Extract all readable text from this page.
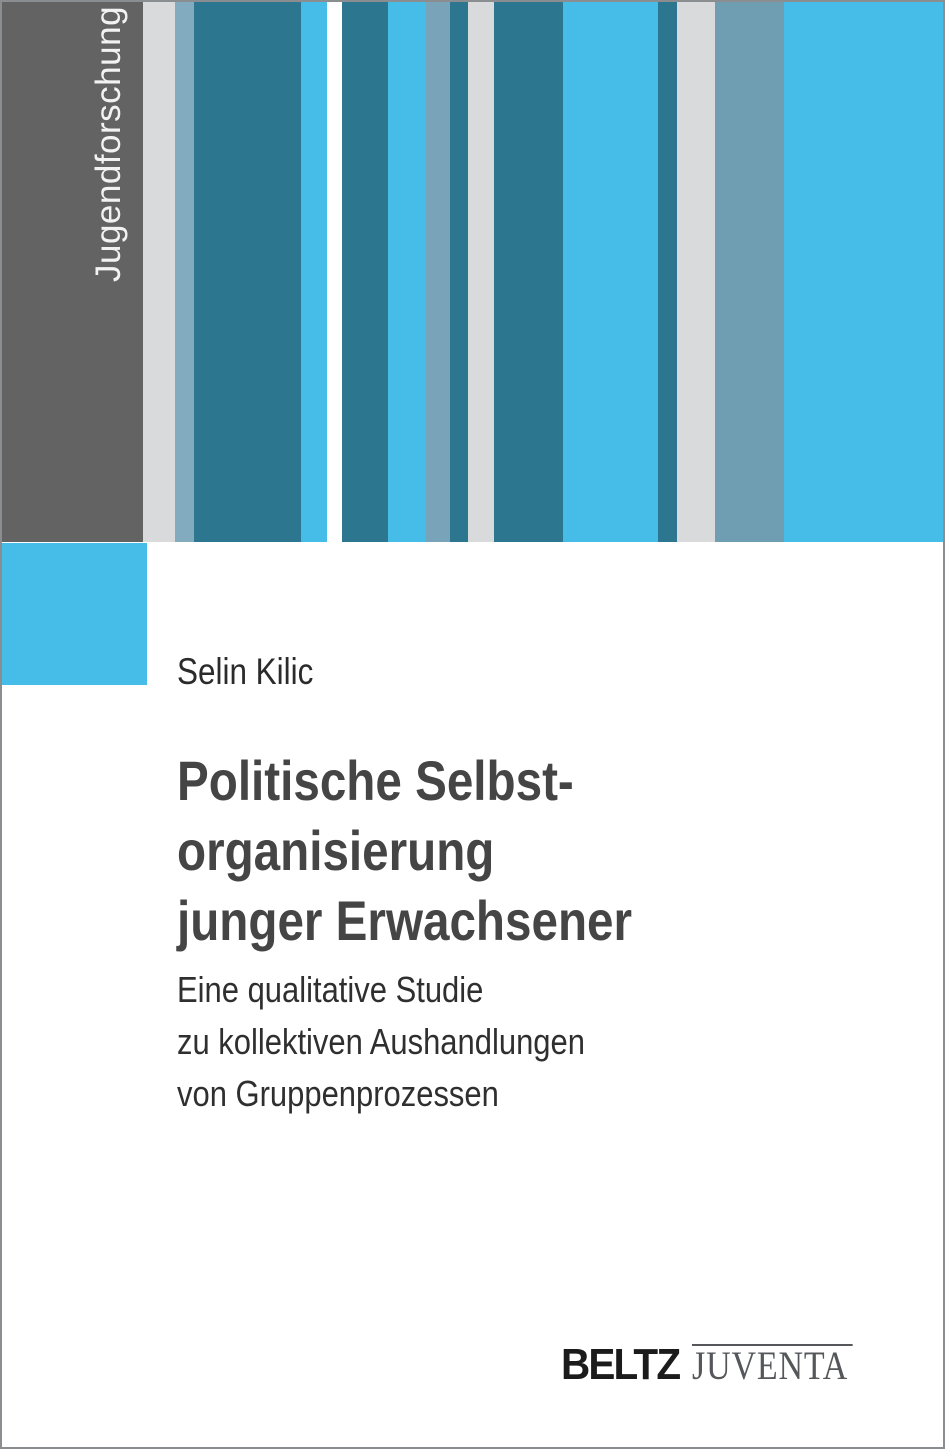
Jugendforschung
Selin Kilic
Politische Selbst-
organisierung
junger Erwachsener
Eine qualitative Studie
zu kollektiven Aushandlungen
von Gruppenprozessen
BELTZ JUVENTA
